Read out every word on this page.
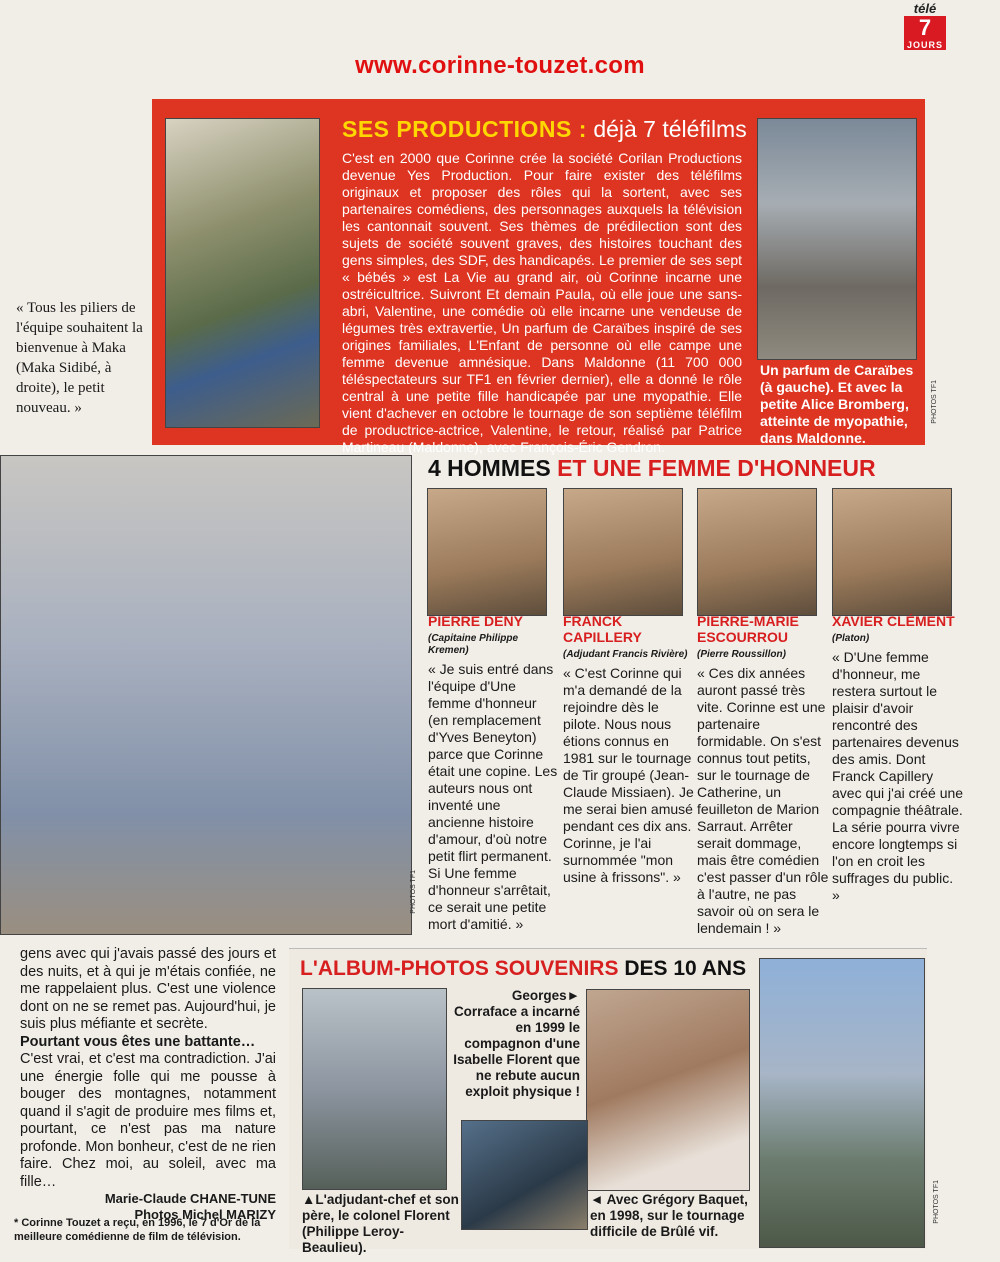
télé
7
JOURS
www.corinne-touzet.com
« Tous les piliers de l'équipe souhaitent la bienvenue à Maka (Maka Sidibé, à droite), le petit nouveau. »
SES PRODUCTIONS : déjà 7 téléfilms
C'est en 2000 que Corinne crée la société Corilan Productions devenue Yes Production. Pour faire exister des téléfilms originaux et proposer des rôles qui la sortent, avec ses partenaires comédiens, des personnages auxquels la télévision les cantonnait souvent. Ses thèmes de prédilection sont des sujets de société souvent graves, des histoires touchant des gens simples, des SDF, des handicapés. Le premier de ses sept « bébés » est La Vie au grand air, où Corinne incarne une ostréicultrice. Suivront Et demain Paula, où elle joue une sans-abri, Valentine, une comédie où elle incarne une vendeuse de légumes très extravertie, Un parfum de Caraïbes inspiré de ses origines familiales, L'Enfant de personne où elle campe une femme devenue amnésique. Dans Maldonne (11 700 000 téléspectateurs sur TF1 en février dernier), elle a donné le rôle central à une petite fille handicapée par une myopathie. Elle vient d'achever en octobre le tournage de son septième téléfilm de productrice-actrice, Valentine, le retour, réalisé par Patrice Martineau (Maldonne), avec François-Éric Gendron.
Un parfum de Caraïbes (à gauche). Et avec la petite Alice Bromberg, atteinte de myopathie, dans Maldonne.
PHOTOS TF1
PHOTOS TF1
4 HOMMES ET UNE FEMME D'HONNEUR
PIERRE DENY
(Capitaine Philippe Kremen)
« Je suis entré dans l'équipe d'Une femme d'honneur (en remplacement d'Yves Beneyton) parce que Corinne était une copine. Les auteurs nous ont inventé une ancienne histoire d'amour, d'où notre petit flirt permanent. Si Une femme d'honneur s'arrêtait, ce serait une petite mort d'amitié. »
FRANCK CAPILLERY
(Adjudant Francis Rivière)
« C'est Corinne qui m'a demandé de la rejoindre dès le pilote. Nous nous étions connus en 1981 sur le tournage de Tir groupé (Jean-Claude Missiaen). Je me serai bien amusé pendant ces dix ans. Corinne, je l'ai surnommée "mon usine à frissons". »
PIERRE-MARIE ESCOURROU
(Pierre Roussillon)
« Ces dix années auront passé très vite. Corinne est une partenaire formidable. On s'est connus tout petits, sur le tournage de Catherine, un feuilleton de Marion Sarraut. Arrêter serait dommage, mais être comédien c'est passer d'un rôle à l'autre, ne pas savoir où on sera le lendemain ! »
XAVIER CLÉMENT
(Platon)
« D'Une femme d'honneur, me restera surtout le plaisir d'avoir rencontré des partenaires devenus des amis. Dont Franck Capillery avec qui j'ai créé une compagnie théâtrale. La série pourra vivre encore longtemps si l'on en croit les suffrages du public. »
gens avec qui j'avais passé des jours et des nuits, et à qui je m'étais confiée, ne me rappelaient plus. C'est une violence dont on ne se remet pas. Aujourd'hui, je suis plus méfiante et secrète.
Pourtant vous êtes une battante…
C'est vrai, et c'est ma contradiction. J'ai une énergie folle qui me pousse à bouger des montagnes, notamment quand il s'agit de produire mes films et, pourtant, ce n'est pas ma nature profonde. Mon bonheur, c'est de ne rien faire. Chez moi, au soleil, avec ma fille…
Marie-Claude CHANE-TUNE
Photos Michel MARIZY
* Corinne Touzet a reçu, en 1996, le 7 d'Or de la meilleure comédienne de film de télévision.
L'ALBUM-PHOTOS SOUVENIRS DES 10 ANS
Georges► Corraface a incarné en 1999 le compagnon d'une Isabelle Florent que ne rebute aucun exploit physique !
▲L'adjudant-chef et son père, le colonel Florent (Philippe Leroy-Beaulieu).
◄ Avec Grégory Baquet, en 1998, sur le tournage difficile de Brûlé vif.
PHOTOS TF1
